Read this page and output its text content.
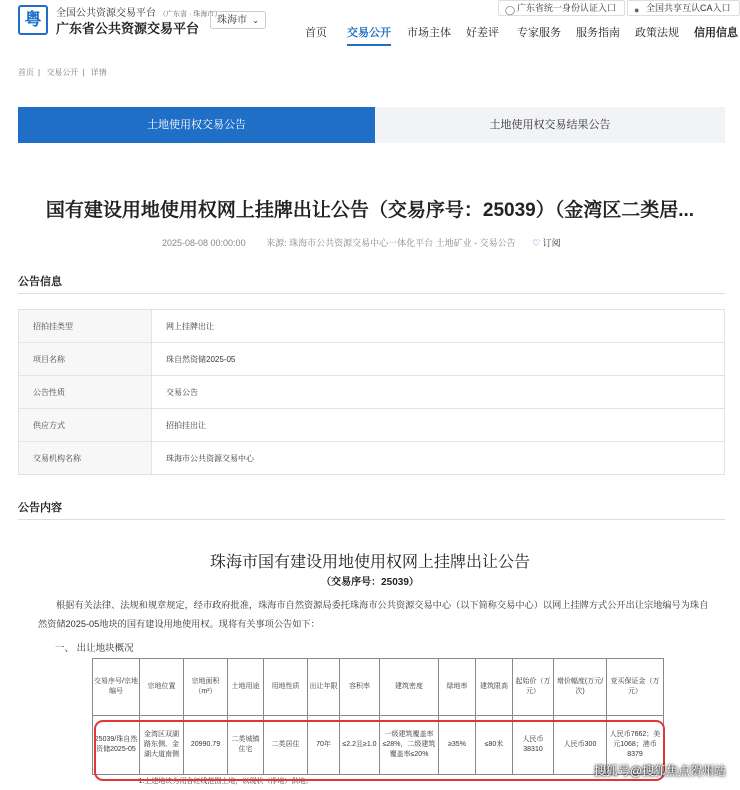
粤	全国公共资源交易平台 （广东省 · 珠海市）
广东省公共资源交易平台
珠海市 ⌄
◯ 广东省统一身份认证入口	● 全国共享互认CA入口
首页 交易公开 市场主体 好差评 专家服务 服务指南 政策法规 信用信息
首页 | 交易公开 | 详情
土地使用权交易公告	土地使用权交易结果公告
国有建设用地使用权网上挂牌出让公告（交易序号：25039）（金湾区二类居...
2025-08-08 00:00:00 来源: 珠海市公共资源交易中心一体化平台 土地矿业 - 交易公告 ♡ 订阅
公告信息
招拍挂类型	网上挂牌出让
项目名称	珠自然资储2025-05
公告性质	交易公告
供应方式	招拍挂出让
交易机构名称	珠海市公共资源交易中心
公告内容
珠海市国有建设用地使用权网上挂牌出让公告
（交易序号：25039）
根据有关法律、法规和规章规定，经市政府批准，珠海市自然资源局委托珠海市公共资源交易中心（以下简称交易中心）以网上挂牌方式公开出让宗地编号为珠自然资储2025-05地块的国有建设用地使用权。现将有关事项公告如下：
一、 出让地块概况
交易序号/宗地编号	宗地位置	宗地面积（m²）	土地用途	用地性质	出让年限	容积率	建筑密度	绿地率	建筑限高	起始价（万元）	增价幅度(万元/次)	竞买保证金（万元）
25039/珠自然资储2025-05	金湾区双湖路东侧、金湖大道南侧	20990.79	二类城镇住宅	二类居住	70年	≤2.2且≥1.0	一级建筑覆盖率≤28%，二级建筑覆盖率≤20%	≥35%	≤80米	人民币38310	人民币300	人民币7662；美元1068；港币8379
1.上述地块为闭合红线范围土地，以现状（净地）供地。												
搜狐号@搜狐焦点贺州站
